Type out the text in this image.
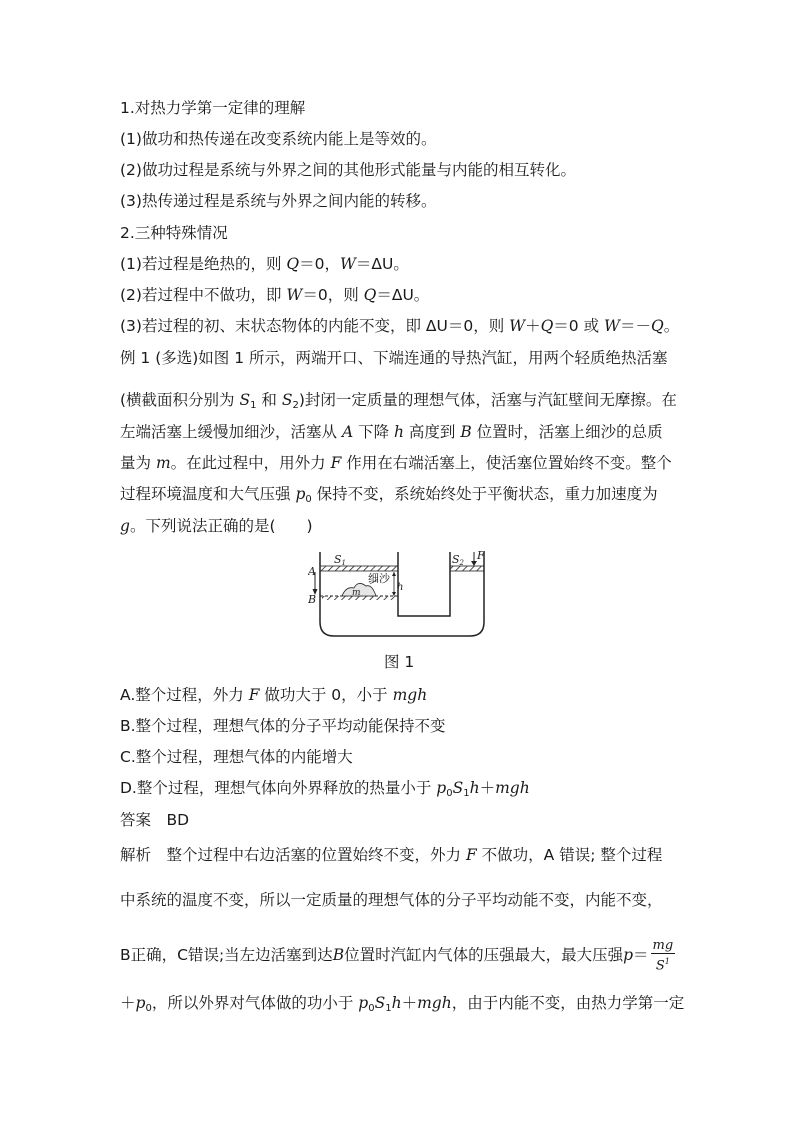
1.对热力学第一定律的理解
(1)做功和热传递在改变系统内能上是等效的。
(2)做功过程是系统与外界之间的其他形式能量与内能的相互转化。
(3)热传递过程是系统与外界之间内能的转移。
2.三种特殊情况
(1)若过程是绝热的，则 Q＝0，W＝ΔU。
(2)若过程中不做功，即 W＝0，则 Q＝ΔU。
(3)若过程的初、末状态物体的内能不变，即 ΔU＝0，则 W＋Q＝0 或 W＝－Q。
例 1 (多选)如图 1 所示，两端开口、下端连通的导热汽缸，用两个轻质绝热活塞
(横截面积分别为 $S_1$ 和 $S_2$)封闭一定质量的理想气体，活塞与汽缸壁间无摩擦。在
左端活塞上缓慢加细沙，活塞从 A 下降 h 高度到 B 位置时，活塞上细沙的总质
量为 m。在此过程中，用外力 F 作用在右端活塞上，使活塞位置始终不变。整个
过程环境温度和大气压强 $p_0$ 保持不变，系统始终处于平衡状态，重力加速度为
g。下列说法正确的是(　　)
S1	S2
F
A
B
h
m
细沙
图 1
A.整个过程，外力 F 做功大于 0，小于 mgh
B.整个过程，理想气体的分子平均动能保持不变
C.整个过程，理想气体的内能增大
D.整个过程，理想气体向外界释放的热量小于 $p_0S_1h+mgh$
答案　 BD
解析　 整个过程中右边活塞的位置始终不变，外力 F 不做功，A 错误; 整个过程
中系统的温度不变，所以一定质量的理想气体的分子平均动能不变，内能不变，
B正确，C错误;当左边活塞到达B位置时汽缸内气体的压强最大，最大压强$p= \frac{mg}{S^1}$
$+p_0$，所以外界对气体做的功小于 $p_0S_1h+mgh$，由于内能不变，由热力学第一定
